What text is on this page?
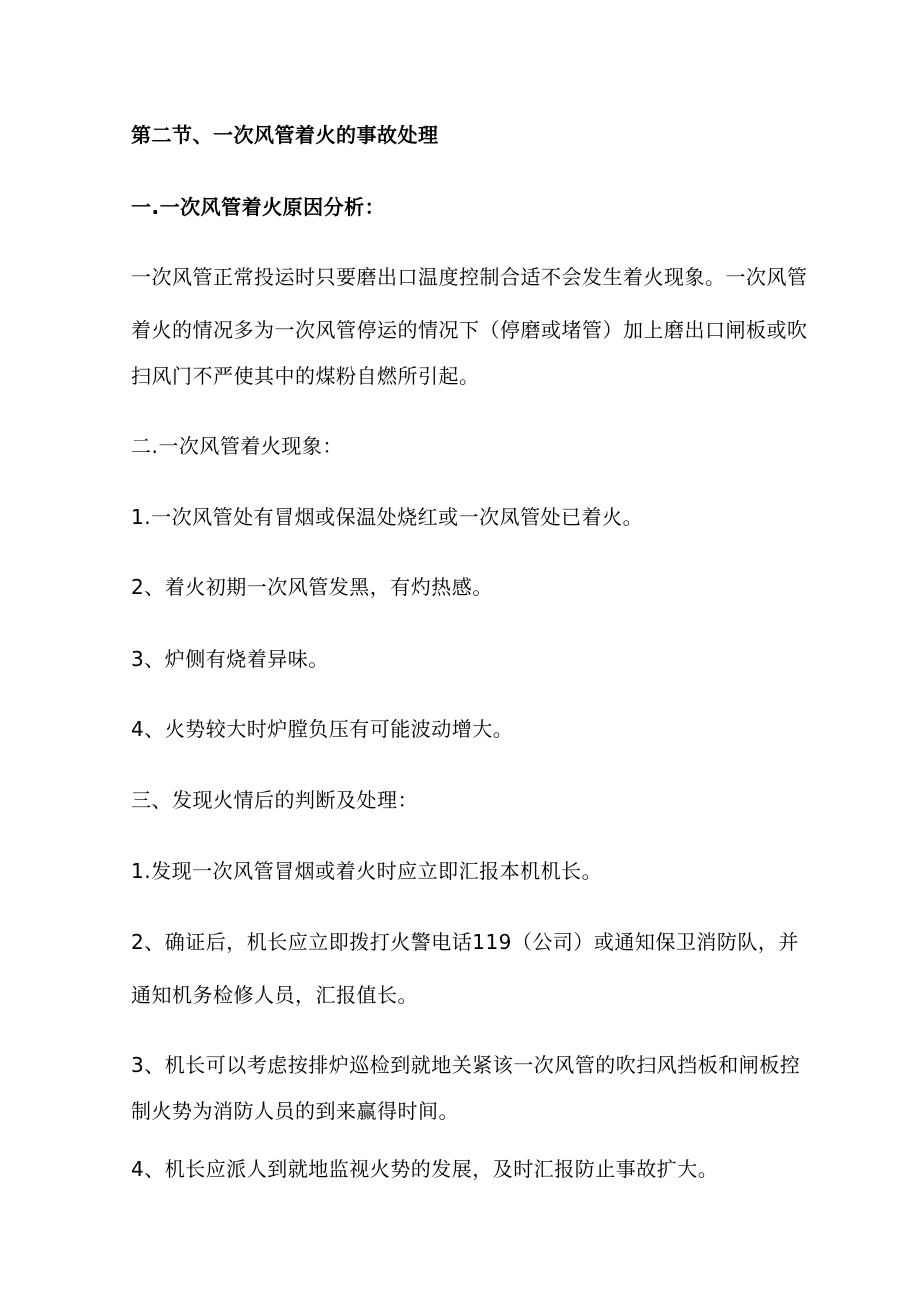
第二节、一次风管着火的事故处理
一.一次风管着火原因分析：
一次风管正常投运时只要磨出口温度控制合适不会发生着火现象。一次风管
着火的情况多为一次风管停运的情况下（停磨或堵管）加上磨出口闸板或吹
扫风门不严使其中的煤粉自燃所引起。
二.一次风管着火现象：
1.一次风管处有冒烟或保温处烧红或一次凤管处已着火。
2、着火初期一次风管发黑，有灼热感。
3、炉侧有烧着异味。
4、火势较大时炉膛负压有可能波动增大。
三、发现火情后的判断及处理：
1.发现一次风管冒烟或着火时应立即汇报本机机长。
2、确证后，机长应立即拨打火警电话119（公司）或通知保卫消防队，并
通知机务检修人员，汇报值长。
3、机长可以考虑按排炉巡检到就地关紧该一次风管的吹扫风挡板和闸板控
制火势为消防人员的到来赢得时间。
4、机长应派人到就地监视火势的发展，及时汇报防止事故扩大。
